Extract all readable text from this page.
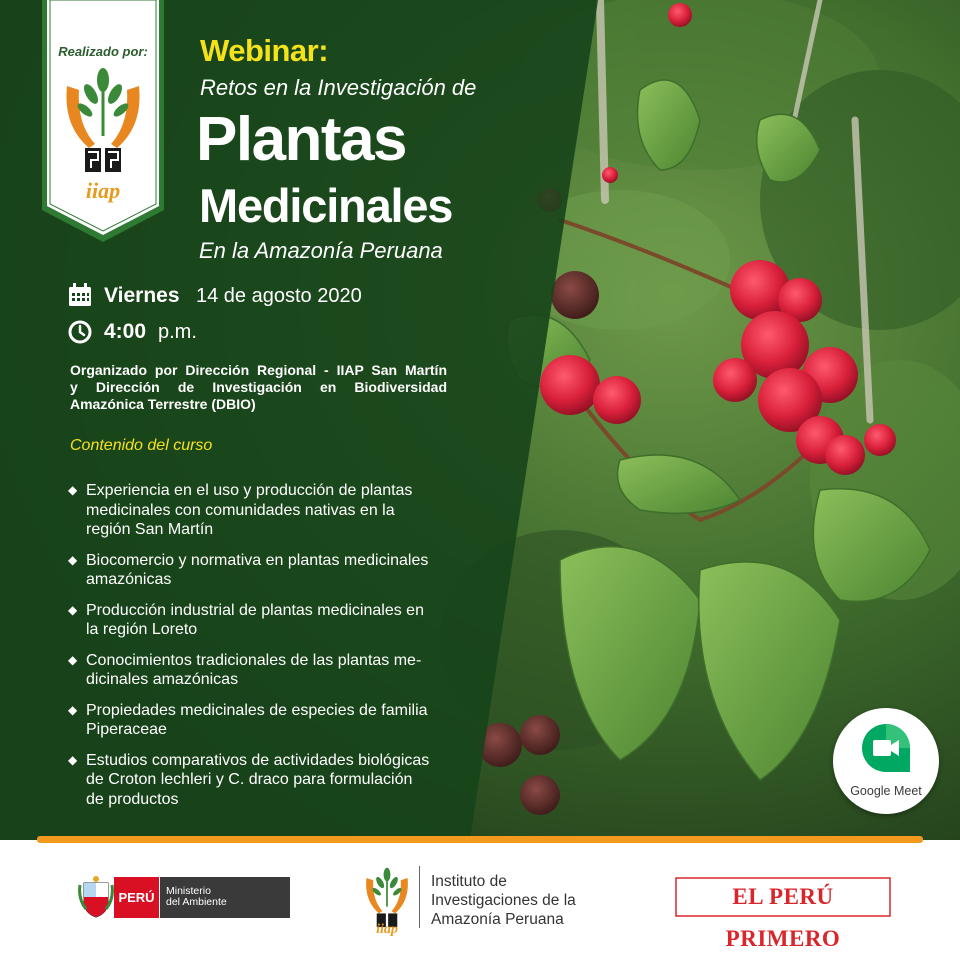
Realizado por:
iiap
Webinar:
Retos en la Investigación de
Plantas
Medicinales
En la Amazonía Peruana
Viernes 14 de agosto 2020
4:00 p.m.
Organizado por Dirección Regional - IIAP San Martín
y Dirección de Investigación en Biodiversidad
Amazónica Terrestre (DBIO)
Contenido del curso
◆ Experiencia en el uso y producción de plantas
medicinales con comunidades nativas en la
región San Martín
◆ Biocomercio y normativa en plantas medicinales
amazónicas
◆ Producción industrial de plantas medicinales en
la región Loreto
◆ Conocimientos tradicionales de las plantas me-
dicinales amazónicas
◆ Propiedades medicinales de especies de familia
Piperaceae
◆ Estudios comparativos de actividades biológicas
de Croton lechleri y C. draco para formulación
de productos	Google Meet
PERÚ	Ministerio
del Ambiente
iiap
Instituto de
Investigaciones de la
Amazonía Peruana
EL PERÚ PRIMERO
